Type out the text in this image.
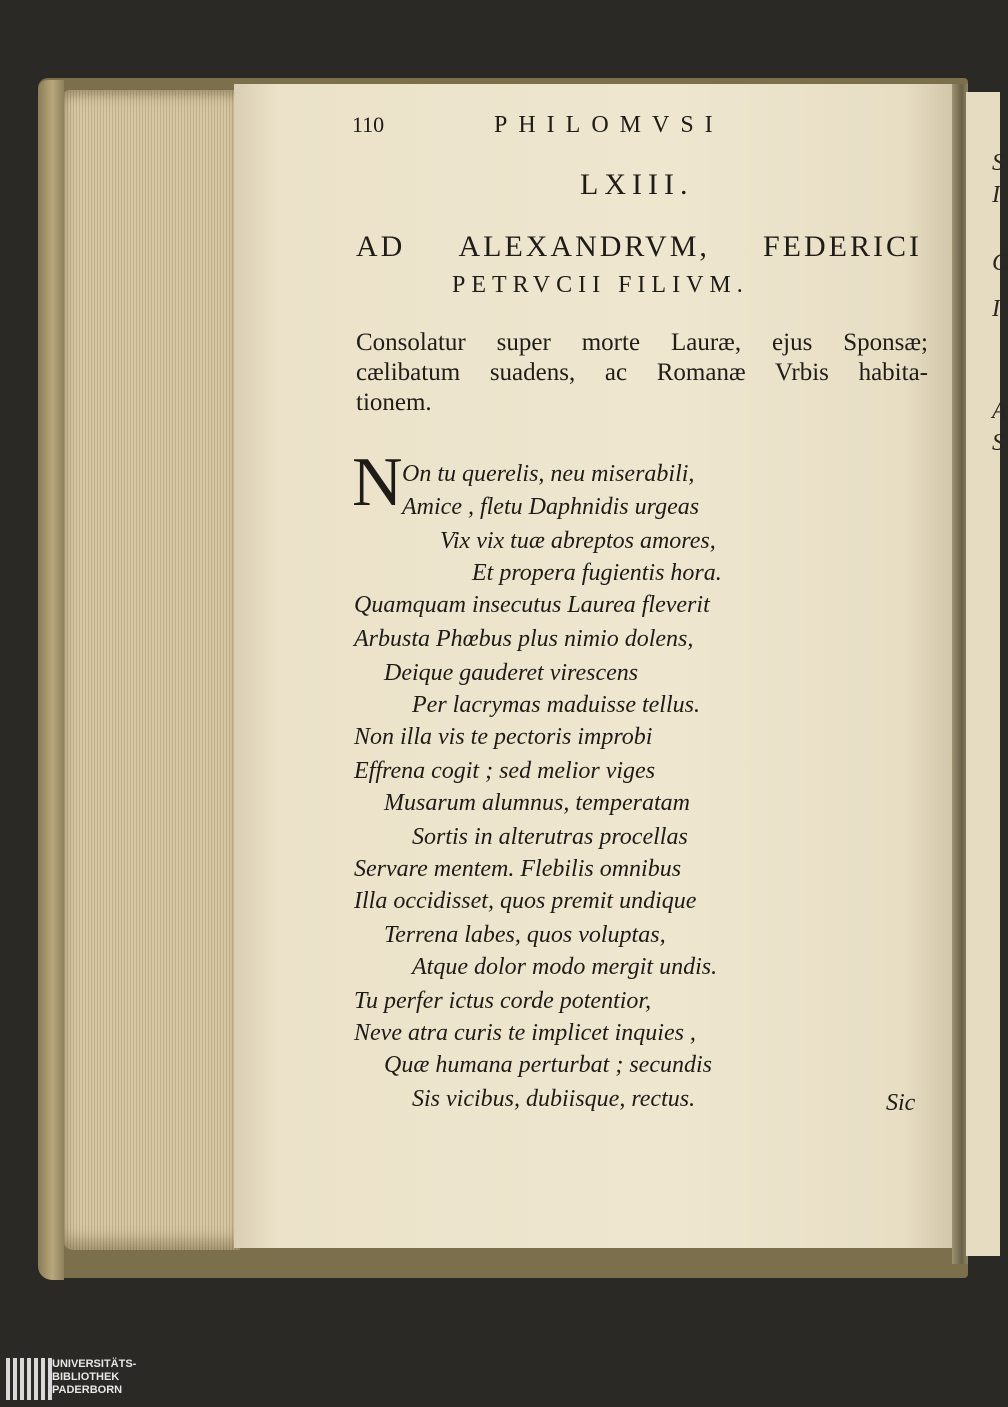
S
I
C
I
A
S
110	PHILOMVSI
LXIII.
AD ALEXANDRVM, FEDERICI
PETRVCII FILIVM.
Consolatur super morte Lauræ, ejus Sponsæ;
cælibatum suadens, ac Romanæ Vrbis habita-
tionem.
N On tu querelis, neu miserabili,
Amice , fletu Daphnidis urgeas
Vix vix tuæ abreptos amores,
Et propera fugientis hora.
Quamquam insecutus Laurea fleverit
Arbusta Phœbus plus nimio dolens,
Deique gauderet virescens
Per lacrymas maduisse tellus.
Non illa vis te pectoris improbi
Effrena cogit ; sed melior viges
Musarum alumnus, temperatam
Sortis in alterutras procellas
Servare mentem. Flebilis omnibus
Illa occidisset, quos premit undique
Terrena labes, quos voluptas,
Atque dolor modo mergit undis.
Tu perfer ictus corde potentior,
Neve atra curis te implicet inquies ,
Quæ humana perturbat ; secundis
Sis vicibus, dubiisque, rectus.	Sic
UNIVERSITÄTS-
BIBLIOTHEK
PADERBORN
